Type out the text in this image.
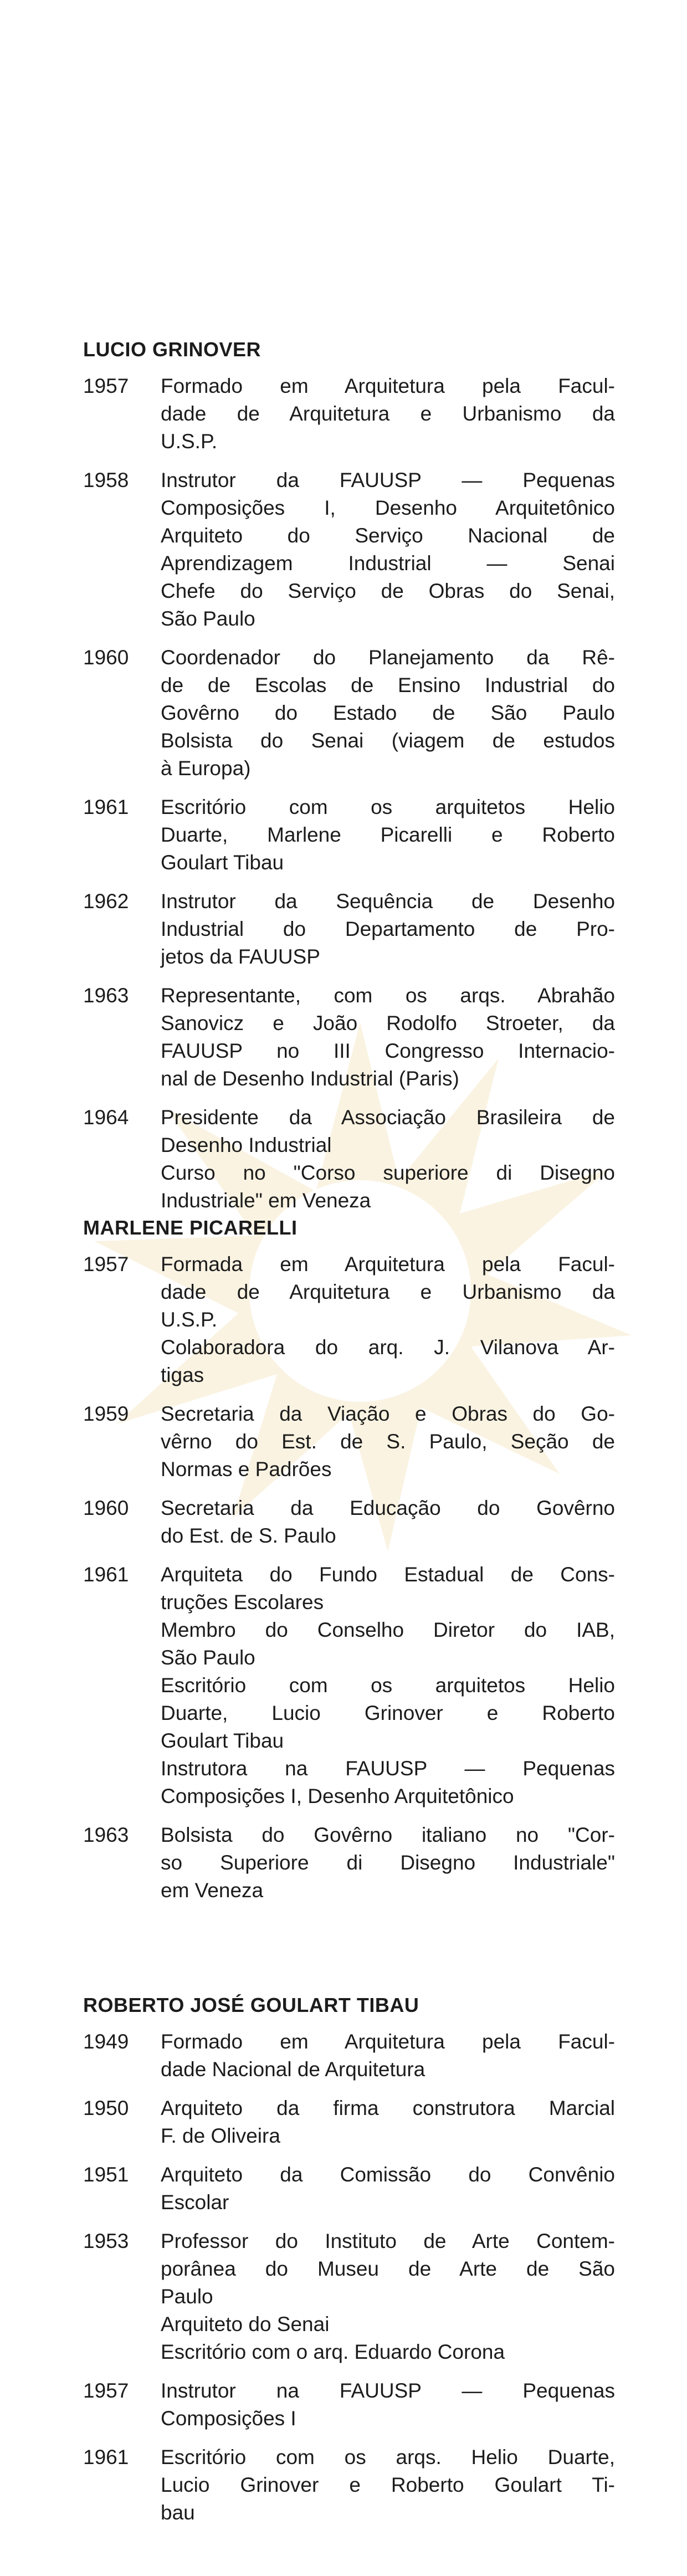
LUCIO GRINOVER
1957	Formado em Arquitetura pela Facul-
dade de Arquitetura e Urbanismo da
U.S.P.
1958	Instrutor da FAUUSP — Pequenas
Composições I, Desenho Arquitetônico
Arquiteto do Serviço Nacional de
Aprendizagem Industrial — Senai
Chefe do Serviço de Obras do Senai,
São Paulo
1960	Coordenador do Planejamento da Rê-
de de Escolas de Ensino Industrial do
Govêrno do Estado de São Paulo
Bolsista do Senai (viagem de estudos
à Europa)
1961	Escritório com os arquitetos Helio
Duarte, Marlene Picarelli e Roberto
Goulart Tibau
1962	Instrutor da Sequência de Desenho
Industrial do Departamento de Pro-
jetos da FAUUSP
1963	Representante, com os arqs. Abrahão
Sanovicz e João Rodolfo Stroeter, da
FAUUSP no III Congresso Internacio-
nal de Desenho Industrial (Paris)
1964	Presidente da Associação Brasileira de
Desenho Industrial
Curso no "Corso superiore di Disegno
Industriale" em Veneza
MARLENE PICARELLI
1957	Formada em Arquitetura pela Facul-
dade de Arquitetura e Urbanismo da
U.S.P.
Colaboradora do arq. J. Vilanova Ar-
tigas
1959	Secretaria da Viação e Obras do Go-
vêrno do Est. de S. Paulo, Seção de
Normas e Padrões
1960	Secretaria da Educação do Govêrno
do Est. de S. Paulo
1961	Arquiteta do Fundo Estadual de Cons-
truções Escolares
Membro do Conselho Diretor do IAB,
São Paulo
Escritório com os arquitetos Helio
Duarte, Lucio Grinover e Roberto
Goulart Tibau
Instrutora na FAUUSP — Pequenas
Composições I, Desenho Arquitetônico
1963	Bolsista do Govêrno italiano no "Cor-
so Superiore di Disegno Industriale"
em Veneza
ROBERTO JOSÉ GOULART TIBAU
1949	Formado em Arquitetura pela Facul-
dade Nacional de Arquitetura
1950	Arquiteto da firma construtora Marcial
F. de Oliveira
1951	Arquiteto da Comissão do Convênio
Escolar
1953	Professor do Instituto de Arte Contem-
porânea do Museu de Arte de São
Paulo
Arquiteto do Senai
Escritório com o arq. Eduardo Corona
1957	Instrutor na FAUUSP — Pequenas
Composições I
1961	Escritório com os arqs. Helio Duarte,
Lucio Grinover e Roberto Goulart Ti-
bau
